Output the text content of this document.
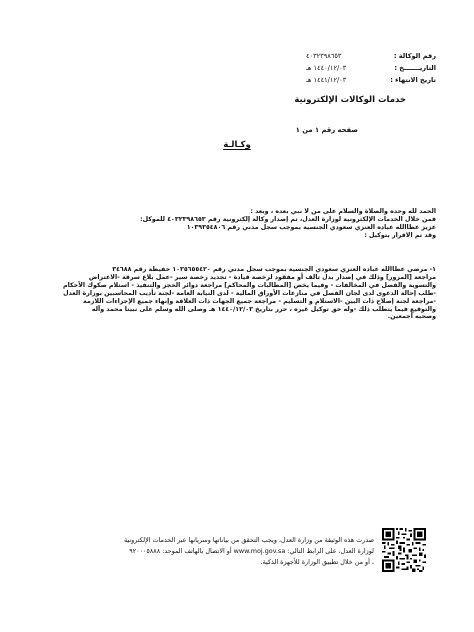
رقم الوكالة :
٤٠٣٢٣٩٨٦٥٣
التاريـــــــخ :
١٤٤٠/١٢/٠٣ هـ
تاريخ الانتهاء :
١٤٤١/١٢/٠٣ هـ
خدمات الوكالات الإلكترونية
صفحه رقم ١ من ١
وكـالـة

الحمد لله وحده والصلاة والسلام على من لا نبي بعده ، وبعد :

فمن خلال الخدمات الإلكترونية لوزارة العدل، تم إصدار وكالة إلكترونية رقم ٤٠٣٢٣٩٨٦٥٣ للموكل:

عزيز عطاالله عباده العنزي سعودي الجنسية بموجب سجل مدني رقم ١٠٣٩٣٥٤٨٠٦

وقد تم الاقرار بتوكيل :

١- مرضي عطاالله عباده العنزي سعودي الجنسية بموجب سجل مدني رقم ١٠٣٥٦٥٥٤٢٠ حفيظة رقم ٣٤٦٨٨

مراجعة [المرور] وذلك في إصدار بدل تالف أو مفقود لرخصة قيادة - تجديد رخصة سير -عمل بلاغ سرقة -الاعتراض

والتسوية والفصل في المخالفات - وفيما يخص [المطالبات والمحاكم] مراجعة دوائر الحجز والتنفيذ - استلام صكوك الأحكام

-طلب إحالة الدعوى لدى لجان الفصل في منازعات الأوراق المالية - لدى النيابة العامة -لجنة تأديب المحاسبين بوزارة العدل

-مراجعة لجنة إصلاح ذات البين -الاستلام و التسليم - مراجعة جميع الجهات ذات العلاقة وإنهاء جميع الإجراءات اللازمة

والتوقيع فيما يتطلب ذلك -وله حق توكيل غيره ، حرر بتاريخ ١٤٤٠/١٢/٠٣ هـ وصلى الله وسلم على نبينا محمد وآله

وصحبه أجمعين.

صدرت هذه الوثيقة من وزارة العدل، ويجب التحقق من بياناتها وسريانها عبر الخدمات الإلكترونية

لوزارة العدل، على الرابط التالي: www.moj.gov.sa أو الاتصال بالهاتف الموحد: ٩٢٠٠٠٥٨٨٨

، أو من خلال تطبيق الوزارة للأجهزة الذكية.
